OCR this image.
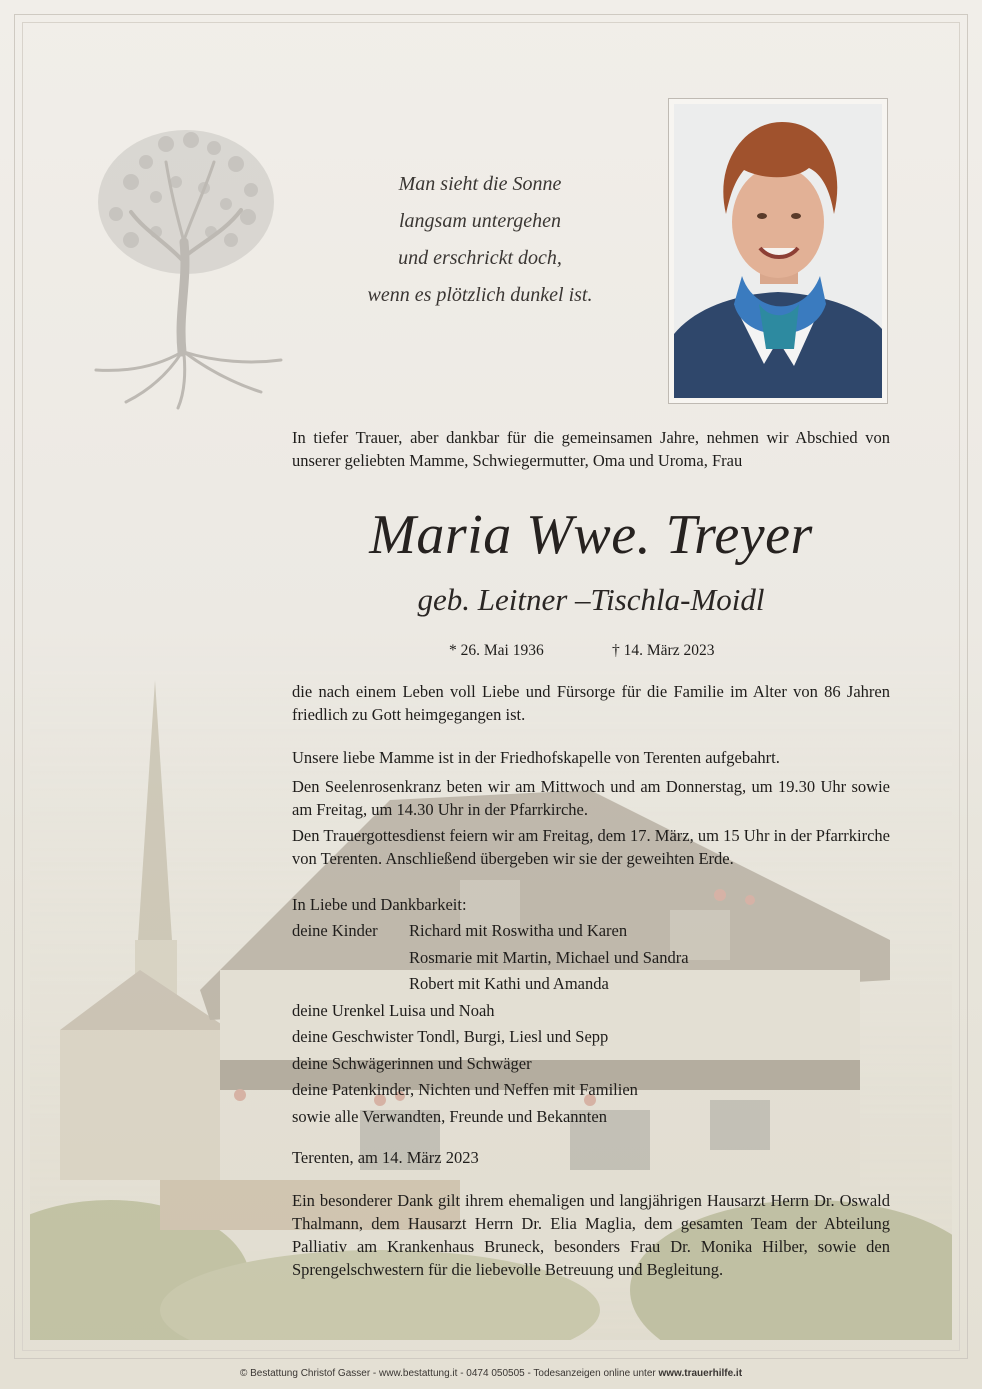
Man sieht die Sonne
langsam untergehen
und erschrickt doch,
wenn es plötzlich dunkel ist.
In tiefer Trauer, aber dankbar für die gemeinsamen Jahre, nehmen wir Abschied von unserer geliebten Mamme, Schwiegermutter, Oma und Uroma, Frau
Maria Wwe. Treyer
geb. Leitner –Tischla-Moidl
* 26. Mai 1936	† 14. März 2023
die nach einem Leben voll Liebe und Fürsorge für die Familie im Alter von 86 Jahren friedlich zu Gott heimgegangen ist.
Unsere liebe Mamme ist in der Friedhofskapelle von Terenten aufgebahrt.
Den Seelenrosenkranz beten wir am Mittwoch und am Donnerstag, um 19.30 Uhr sowie am Freitag, um 14.30 Uhr in der Pfarrkirche.
Den Trauergottesdienst feiern wir am Freitag, dem 17. März, um 15 Uhr in der Pfarrkirche von Terenten. Anschließend übergeben wir sie der geweihten Erde.
In Liebe und Dankbarkeit:
deine Kinder Richard mit Roswitha und Karen
Rosmarie mit Martin, Michael und Sandra
Robert mit Kathi und Amanda
deine Urenkel Luisa und Noah
deine Geschwister Tondl, Burgi, Liesl und Sepp
deine Schwägerinnen und Schwäger
deine Patenkinder, Nichten und Neffen mit Familien
sowie alle Verwandten, Freunde und Bekannten
Terenten, am 14. März 2023
Ein besonderer Dank gilt ihrem ehemaligen und langjährigen Hausarzt Herrn Dr. Oswald Thalmann, dem Hausarzt Herrn Dr. Elia Maglia, dem gesamten Team der Abteilung Palliativ am Krankenhaus Bruneck, besonders Frau Dr. Monika Hilber, sowie den Sprengelschwestern für die liebevolle Betreuung und Begleitung.
© Bestattung Christof Gasser - www.bestattung.it - 0474 050505 - Todesanzeigen online unter www.trauerhilfe.it
